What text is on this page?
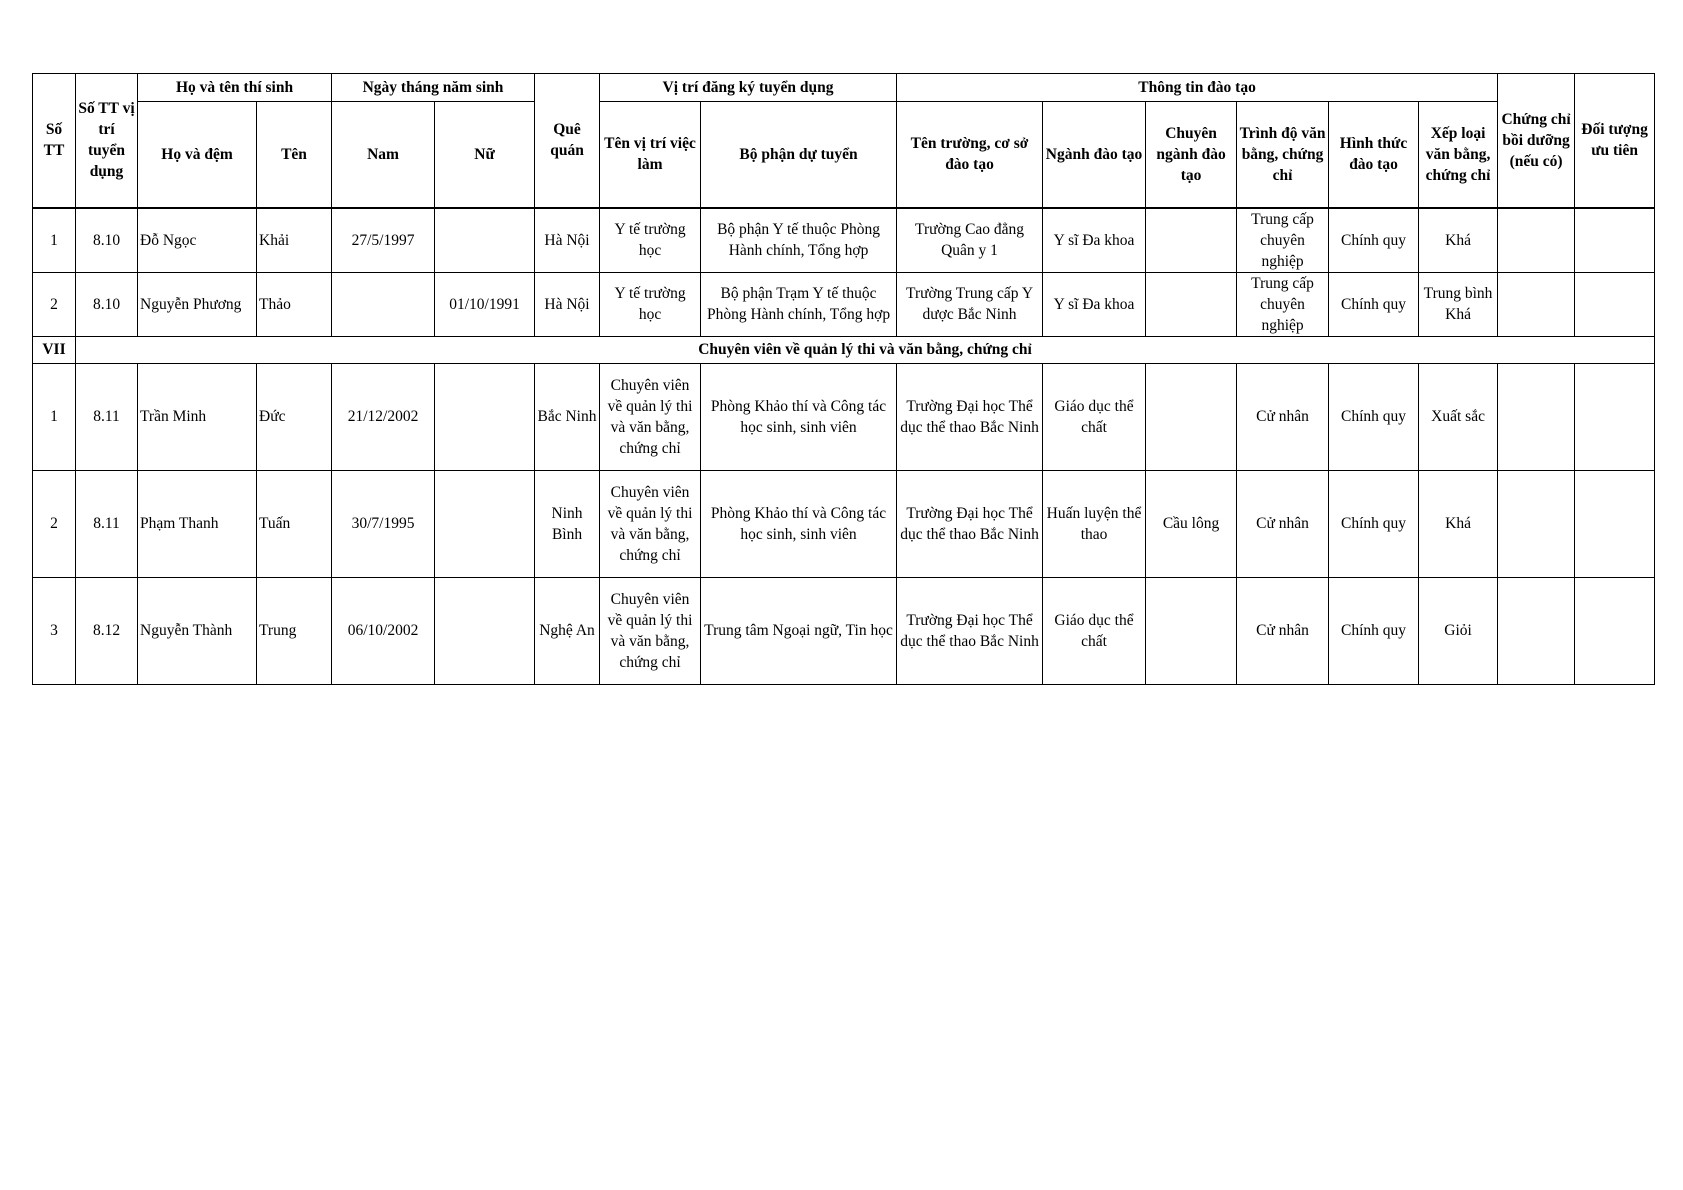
Số TT	Số TT vị trí tuyển dụng	Họ và tên thí sinh		Ngày tháng năm sinh		Quê quán	Vị trí đăng ký tuyển dụng		Thông tin đào tạo						Chứng chỉ bồi dưỡng (nếu có)	Đối tượng ưu tiên
		Họ và đệm	Tên	Nam	Nữ		Tên vị trí việc làm	Bộ phận dự tuyển	Tên trường, cơ sở đào tạo	Ngành đào tạo	Chuyên ngành đào tạo	Trình độ văn bằng, chứng chỉ	Hình thức đào tạo	Xếp loại văn bằng, chứng chỉ		
1	8.10	Đỗ Ngọc	Khải	27/5/1997		Hà Nội	Y tế trường học	Bộ phận Y tế thuộc Phòng Hành chính, Tổng hợp	Trường Cao đẳng Quân y 1	Y sĩ Đa khoa		Trung cấp chuyên nghiệp	Chính quy	Khá		
2	8.10	Nguyễn Phương	Thảo		01/10/1991	Hà Nội	Y tế trường học	Bộ phận Trạm Y tế thuộc Phòng Hành chính, Tổng hợp	Trường Trung cấp Y dược Bắc Ninh	Y sĩ Đa khoa		Trung cấp chuyên nghiệp	Chính quy	Trung bình Khá		
VII	Chuyên viên về quản lý thi và văn bằng, chứng chỉ															
1	8.11	Trần Minh	Đức	21/12/2002		Bắc Ninh	Chuyên viên về quản lý thi và văn bằng, chứng chỉ	Phòng Khảo thí và Công tác học sinh, sinh viên	Trường Đại học Thể dục thể thao Bắc Ninh	Giáo dục thể chất		Cử nhân	Chính quy	Xuất sắc		
2	8.11	Phạm Thanh	Tuấn	30/7/1995		Ninh Bình	Chuyên viên về quản lý thi và văn bằng, chứng chỉ	Phòng Khảo thí và Công tác học sinh, sinh viên	Trường Đại học Thể dục thể thao Bắc Ninh	Huấn luyện thể thao	Cầu lông	Cử nhân	Chính quy	Khá		
3	8.12	Nguyễn Thành	Trung	06/10/2002		Nghệ An	Chuyên viên về quản lý thi và văn bằng, chứng chỉ	Trung tâm Ngoại ngữ, Tin học	Trường Đại học Thể dục thể thao Bắc Ninh	Giáo dục thể chất		Cử nhân	Chính quy	Giỏi		
